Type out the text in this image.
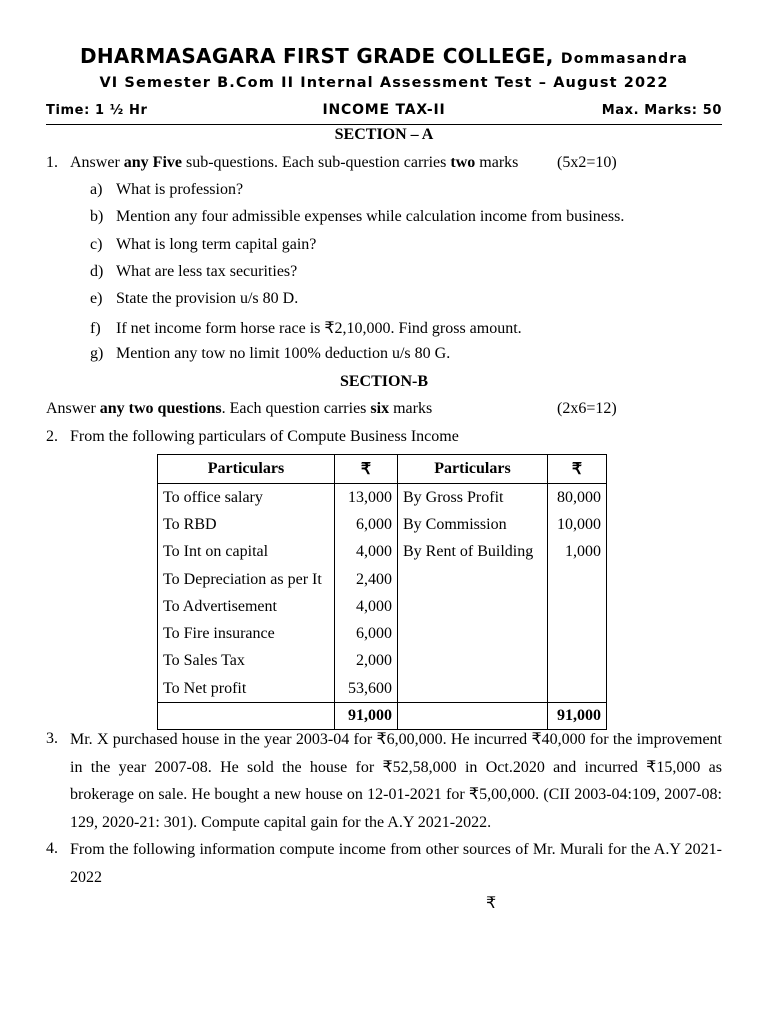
DHARMASAGARA FIRST GRADE COLLEGE, Dommasandra
VI Semester B.Com II Internal Assessment Test – August 2022
Time: 1 ½ Hr	INCOME TAX-II	Max. Marks: 50
SECTION – A
1. Answer any Five sub-questions. Each sub-question carries two marks (5x2=10)
a) What is profession?
b) Mention any four admissible expenses while calculation income from business.
c) What is long term capital gain?
d) What are less tax securities?
e) State the provision u/s 80 D.
f) If net income form horse race is ₹2,10,000. Find gross amount.
g) Mention any tow no limit 100% deduction u/s 80 G.
SECTION-B
Answer any two questions. Each question carries six marks	(2x6=12)
2. From the following particulars of Compute Business Income
Particulars	₹	Particulars	₹
To office salary	13,000	By Gross Profit	80,000
To RBD	6,000	By Commission	10,000
To Int on capital	4,000	By Rent of Building	1,000
To Depreciation as per It	2,400		
To Advertisement	4,000		
To Fire insurance	6,000		
To Sales Tax	2,000		
To Net profit	53,600		
	91,000		91,000
3. Mr. X purchased house in the year 2003-04 for ₹6,00,000. He incurred ₹40,000 for the improvement in the year 2007-08. He sold the house for ₹52,58,000 in Oct.2020 and incurred ₹15,000 as brokerage on sale. He bought a new house on 12-01-2021 for ₹5,00,000. (CII 2003-04:109, 2007-08: 129, 2020-21: 301). Compute capital gain for the A.Y 2021-2022.
4. From the following information compute income from other sources of Mr. Murali for the A.Y 2021-2022
₹
